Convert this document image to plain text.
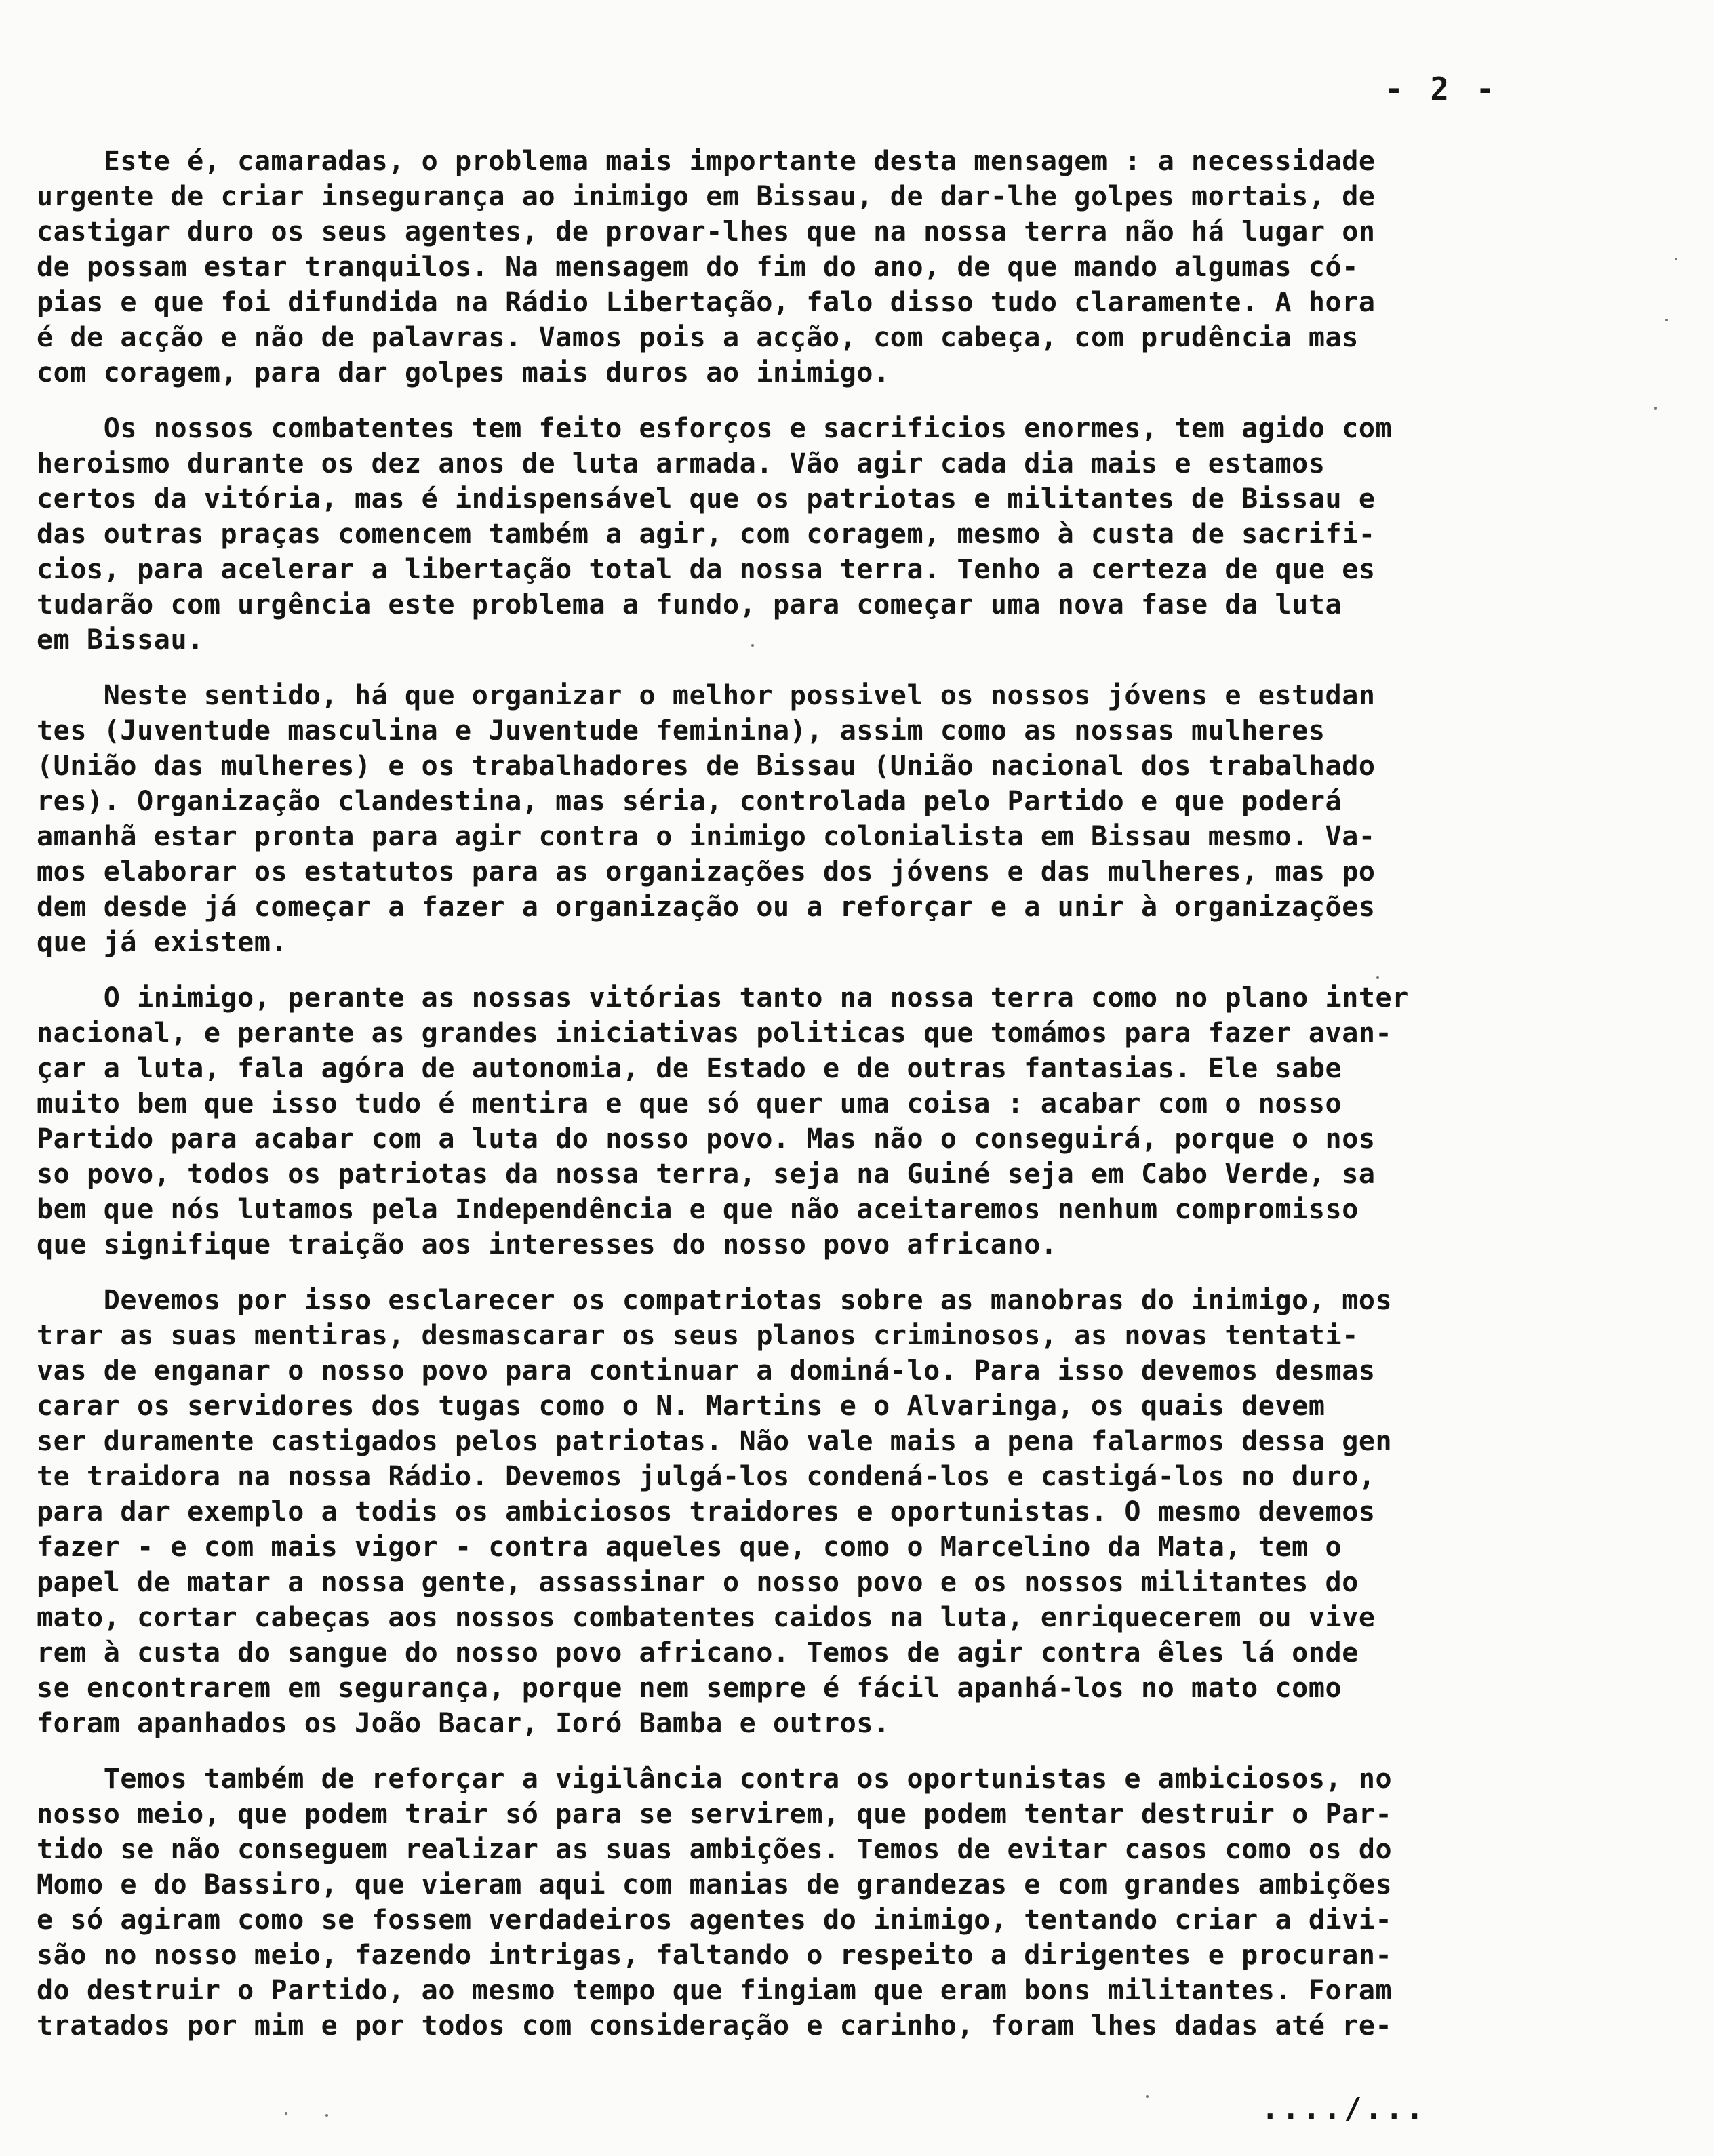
- 2 -
Este é, camaradas, o problema mais importante desta mensagem : a necessidade
urgente de criar insegurança ao inimigo em Bissau, de dar-lhe golpes mortais, de
castigar duro os seus agentes, de provar-lhes que na nossa terra não há lugar on
de possam estar tranquilos. Na mensagem do fim do ano, de que mando algumas có-
pias e que foi difundida na Rádio Libertação, falo disso tudo claramente. A hora
é de acção e não de palavras. Vamos pois a acção, com cabeça, com prudência mas
com coragem, para dar golpes mais duros ao inimigo.
Os nossos combatentes tem feito esforços e sacrificios enormes, tem agido com
heroismo durante os dez anos de luta armada. Vão agir cada dia mais e estamos
certos da vitória, mas é indispensável que os patriotas e militantes de Bissau e
das outras praças comencem também a agir, com coragem, mesmo à custa de sacrifi-
cios, para acelerar a libertação total da nossa terra. Tenho a certeza de que es
tudarão com urgência este problema a fundo, para começar uma nova fase da luta
em Bissau.
Neste sentido, há que organizar o melhor possivel os nossos jóvens e estudan
tes (Juventude masculina e Juventude feminina), assim como as nossas mulheres
(União das mulheres) e os trabalhadores de Bissau (União nacional dos trabalhado
res). Organização clandestina, mas séria, controlada pelo Partido e que poderá
amanhã estar pronta para agir contra o inimigo colonialista em Bissau mesmo. Va-
mos elaborar os estatutos para as organizações dos jóvens e das mulheres, mas po
dem desde já começar a fazer a organização ou a reforçar e a unir à organizações
que já existem.
O inimigo, perante as nossas vitórias tanto na nossa terra como no plano inter
nacional, e perante as grandes iniciativas politicas que tomámos para fazer avan-
çar a luta, fala agóra de autonomia, de Estado e de outras fantasias. Ele sabe
muito bem que isso tudo é mentira e que só quer uma coisa : acabar com o nosso
Partido para acabar com a luta do nosso povo. Mas não o conseguirá, porque o nos
so povo, todos os patriotas da nossa terra, seja na Guiné seja em Cabo Verde, sa
bem que nós lutamos pela Independência e que não aceitaremos nenhum compromisso
que signifique traição aos interesses do nosso povo africano.
Devemos por isso esclarecer os compatriotas sobre as manobras do inimigo, mos
trar as suas mentiras, desmascarar os seus planos criminosos, as novas tentati-
vas de enganar o nosso povo para continuar a dominá-lo. Para isso devemos desmas
carar os servidores dos tugas como o N. Martins e o Alvaringa, os quais devem
ser duramente castigados pelos patriotas. Não vale mais a pena falarmos dessa gen
te traidora na nossa Rádio. Devemos julgá-los condená-los e castigá-los no duro,
para dar exemplo a todis os ambiciosos traidores e oportunistas. O mesmo devemos
fazer - e com mais vigor - contra aqueles que, como o Marcelino da Mata, tem o
papel de matar a nossa gente, assassinar o nosso povo e os nossos militantes do
mato, cortar cabeças aos nossos combatentes caidos na luta, enriquecerem ou vive
rem à custa do sangue do nosso povo africano. Temos de agir contra êles lá onde
se encontrarem em segurança, porque nem sempre é fácil apanhá-los no mato como
foram apanhados os João Bacar, Ioró Bamba e outros.
Temos também de reforçar a vigilância contra os oportunistas e ambiciosos, no
nosso meio, que podem trair só para se servirem, que podem tentar destruir o Par-
tido se não conseguem realizar as suas ambições. Temos de evitar casos como os do
Momo e do Bassiro, que vieram aqui com manias de grandezas e com grandes ambições
e só agiram como se fossem verdadeiros agentes do inimigo, tentando criar a divi-
são no nosso meio, fazendo intrigas, faltando o respeito a dirigentes e procuran-
do destruir o Partido, ao mesmo tempo que fingiam que eram bons militantes. Foram
tratados por mim e por todos com consideração e carinho, foram lhes dadas até re-
..../...
